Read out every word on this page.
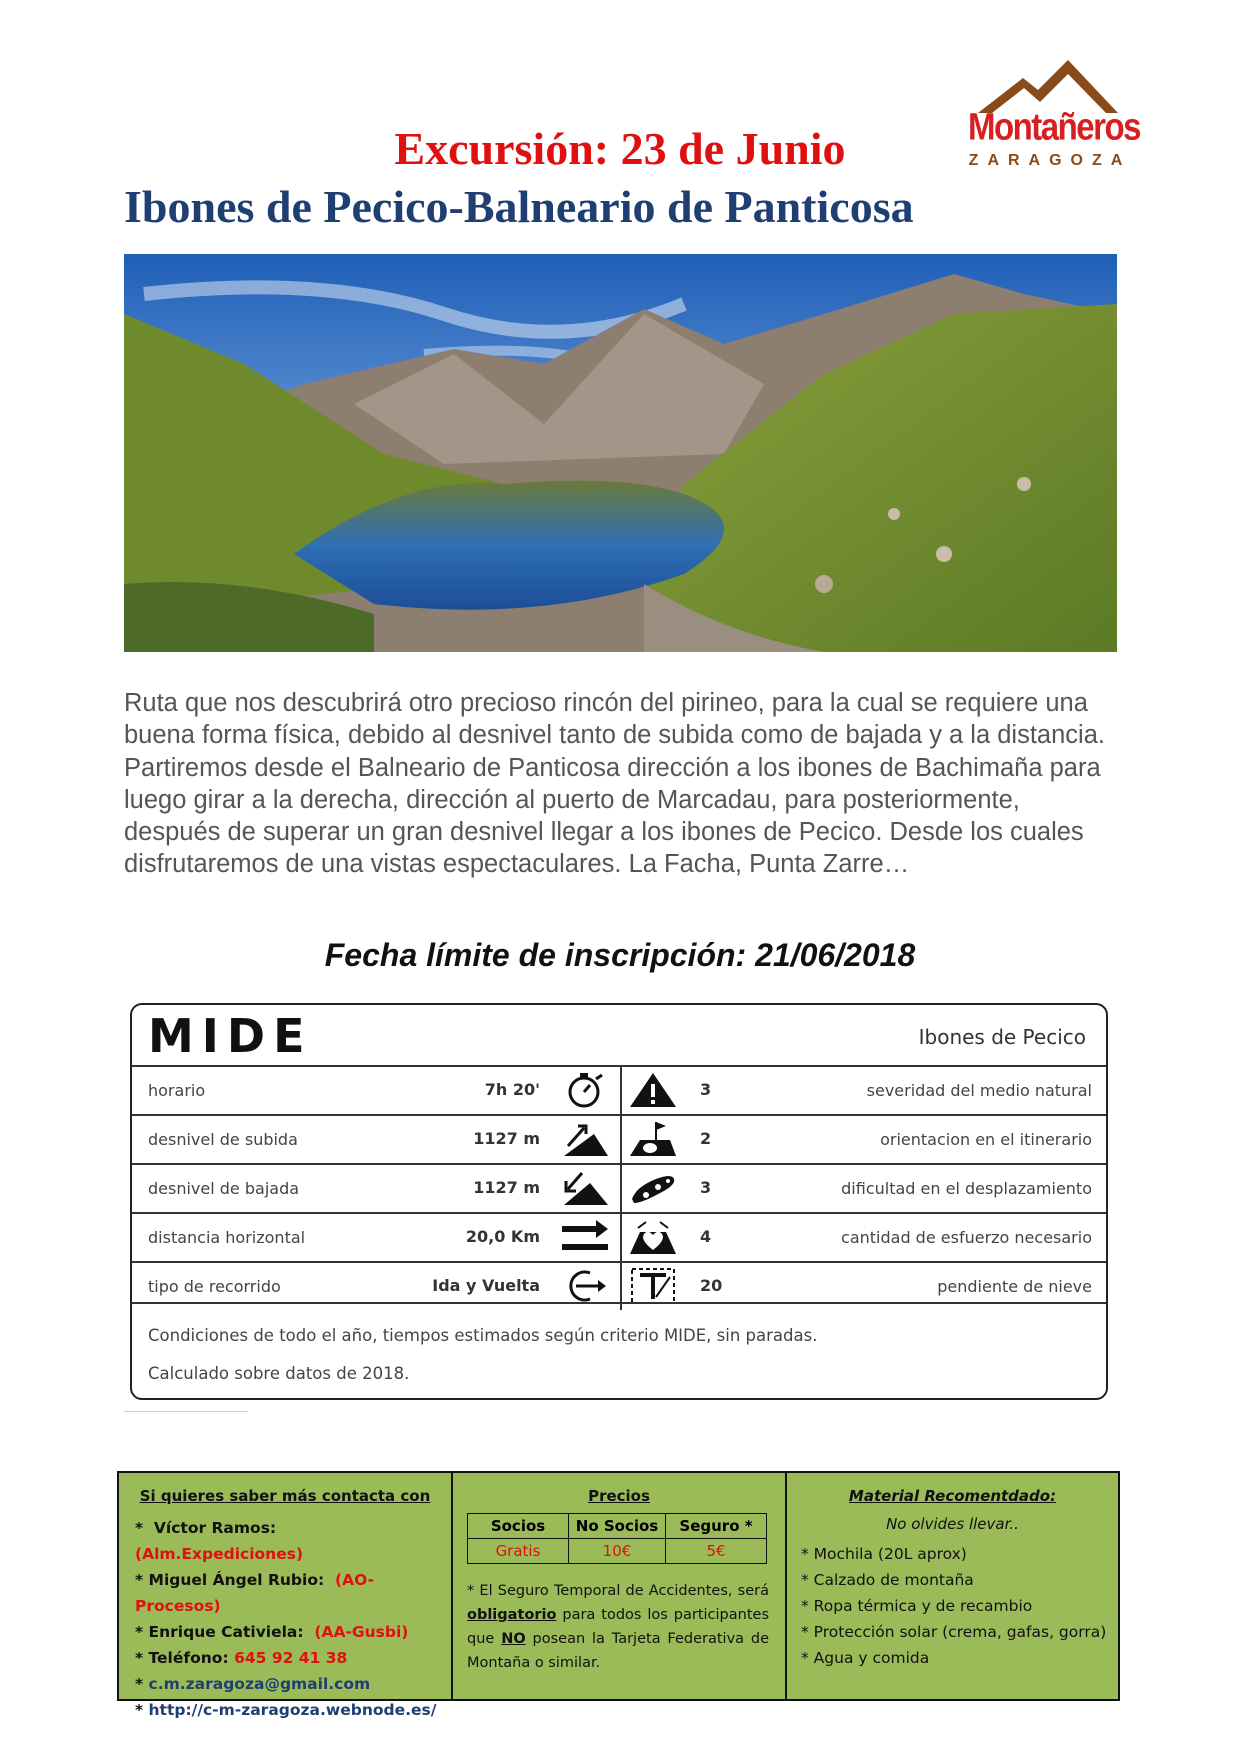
Excursión: 23 de Junio
Ibones de Pecico-Balneario de Panticosa
Montañeros
ZARAGOZA
Ruta que nos descubrirá otro precioso rincón del pirineo, para la cual se requiere una buena forma física, debido al desnivel tanto de subida como de bajada y a la distancia. Partiremos desde el Balneario de Panticosa dirección a los ibones de Bachimaña para luego girar a la derecha, dirección al puerto de Marcadau, para posteriormente, después de superar un gran desnivel llegar a los ibones de Pecico. Desde los cuales disfrutaremos de una vistas espectaculares. La Facha, Punta Zarre…
Fecha límite de inscripción: 21/06/2018
MIDE	Ibones de Pecico
horario	7h 20'	3	severidad del medio natural
desnivel de subida	1127 m	2	orientacion en el itinerario
desnivel de bajada	1127 m	3	dificultad en el desplazamiento
distancia horizontal	20,0 Km	4	cantidad de esfuerzo necesario
tipo de recorrido	Ida y Vuelta	20	pendiente de nieve
Condiciones de todo el año, tiempos estimados según criterio MIDE, sin paradas.
Calculado sobre datos de 2018.
Si quieres saber más contacta con
*  Víctor Ramos:  (Alm.Expediciones)
* Miguel Ángel Rubio: (AO-Procesos)
* Enrique Cativiela: (AA-Gusbi)
* Teléfono: 645 92 41 38
* c.m.zaragoza@gmail.com
* http://c-m-zaragoza.webnode.es/
Precios
Socios	No Socios	Seguro *
Gratis	10€	5€
* El Seguro Temporal de Accidentes, será obligatorio para todos los participantes que NO posean la Tarjeta Federativa de Montaña o similar.
Material Recomentdado:
No olvides llevar..
* Mochila (20L aprox)
* Calzado de montaña
* Ropa térmica y de recambio
* Protección solar (crema, gafas, gorra)
* Agua y comida
